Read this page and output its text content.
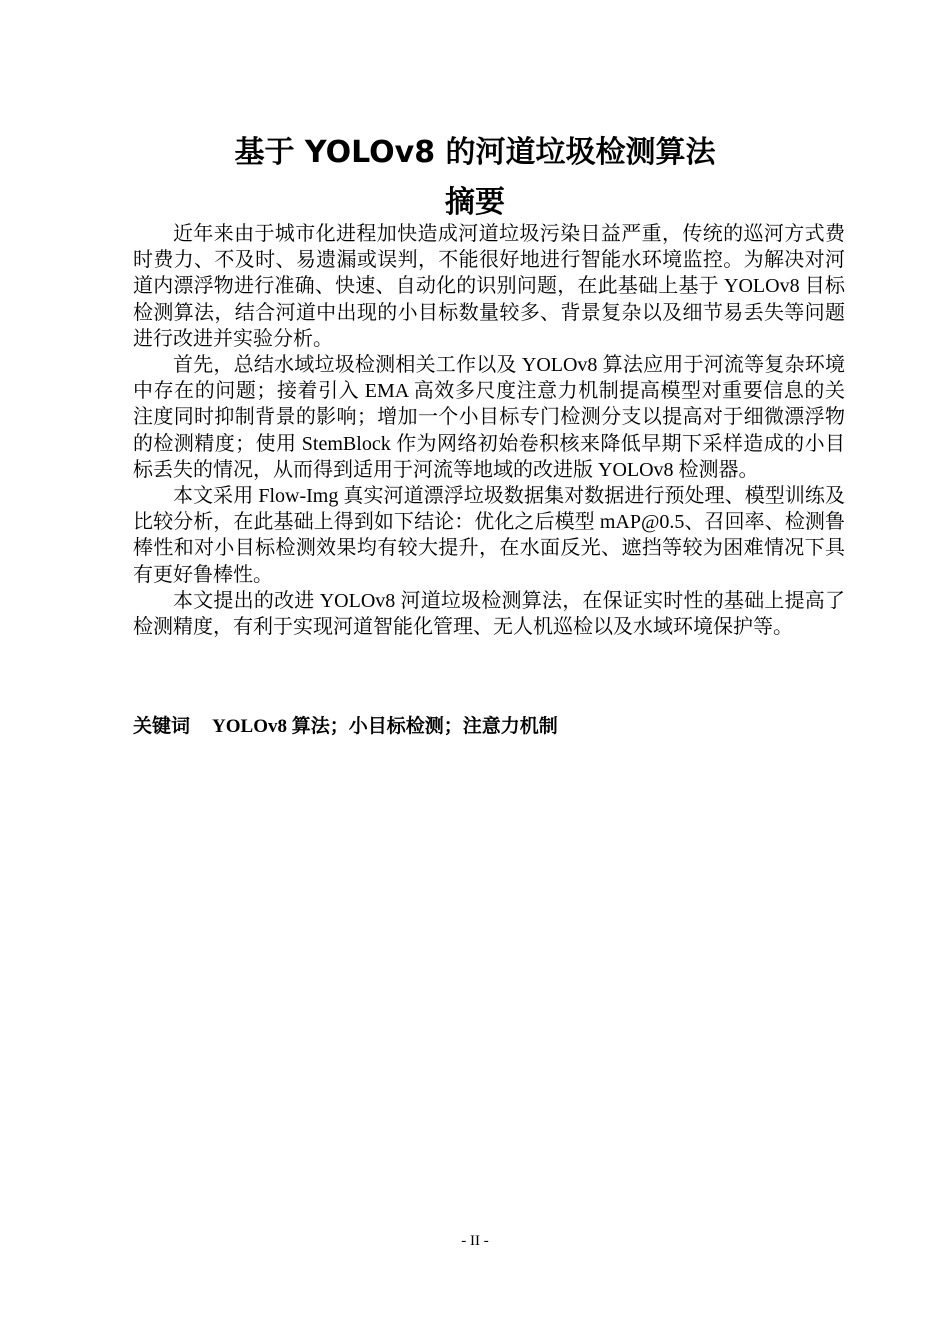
基于 YOLOv8 的河道垃圾检测算法
摘要

近年来由于城市化进程加快造成河道垃圾污染日益严重，传统的巡河方式费时费力、不及时、易遗漏或误判，不能很好地进行智能水环境监控。为解决对河道内漂浮物进行准确、快速、自动化的识别问题，在此基础上基于 YOLOv8 目标检测算法，结合河道中出现的小目标数量较多、背景复杂以及细节易丢失等问题进行改进并实验分析。

首先，总结水域垃圾检测相关工作以及 YOLOv8 算法应用于河流等复杂环境中存在的问题；接着引入 EMA 高效多尺度注意力机制提高模型对重要信息的关注度同时抑制背景的影响；增加一个小目标专门检测分支以提高对于细微漂浮物的检测精度；使用 StemBlock 作为网络初始卷积核来降低早期下采样造成的小目标丢失的情况，从而得到适用于河流等地域的改进版 YOLOv8 检测器。

本文采用 Flow-Img 真实河道漂浮垃圾数据集对数据进行预处理、模型训练及比较分析，在此基础上得到如下结论：优化之后模型 mAP@0.5、召回率、检测鲁棒性和对小目标检测效果均有较大提升，在水面反光、遮挡等较为困难情况下具有更好鲁棒性。

本文提出的改进 YOLOv8 河道垃圾检测算法，在保证实时性的基础上提高了检测精度，有利于实现河道智能化管理、无人机巡检以及水域环境保护等。

关键词 YOLOv8 算法；小目标检测；注意力机制
- II -
